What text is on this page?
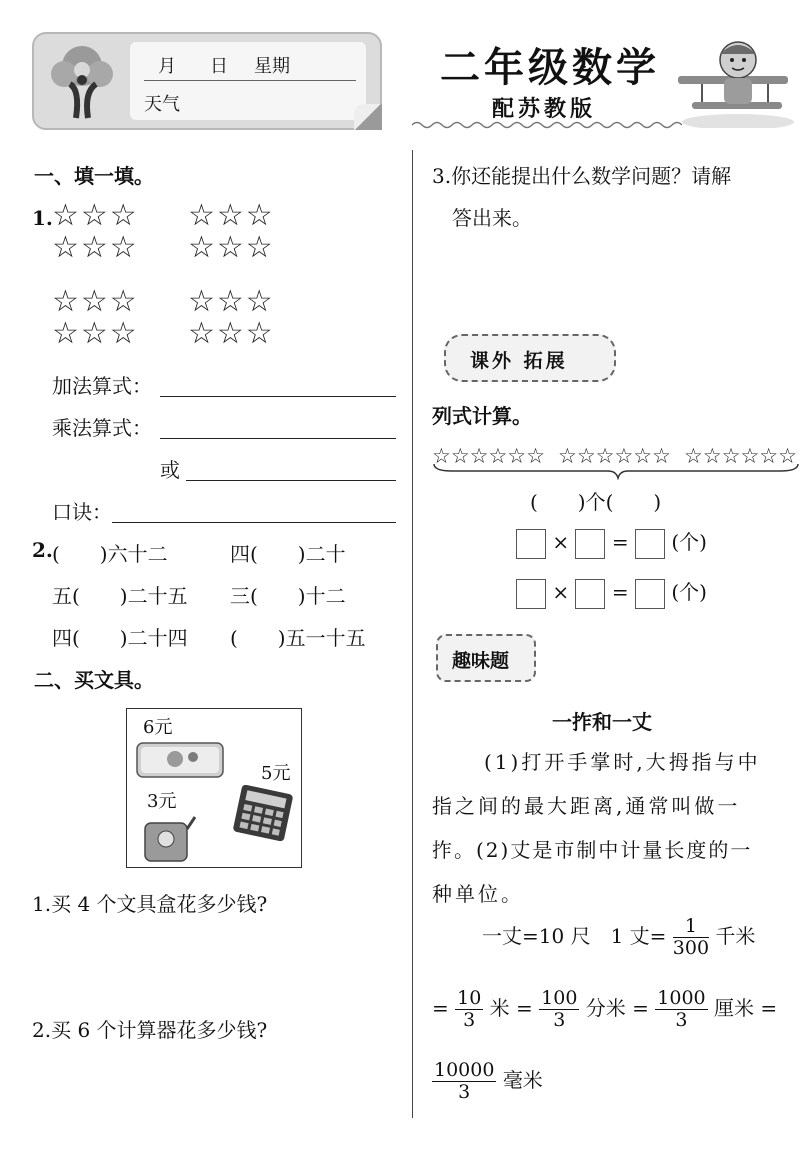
月 日 星期
天气
二年级数学
配苏教版
一、填一填。
1. ☆☆☆
☆☆☆
☆☆☆
☆☆☆
☆☆☆
☆☆☆
☆☆☆
☆☆☆
加法算式：
乘法算式：
或
口诀：
2. (　　)六十二	四(　　)二十
五(　　)二十五 三(　　)十二
四(　　)二十四 (　　)五一十五
二、买文具。
6元
3元
5元
1.买 4 个文具盒花多少钱?
2.买 6 个计算器花多少钱?
3.你还能提出什么数学问题？请解
答出来。
课外 拓展
列式计算。
☆☆☆☆☆☆ ☆☆☆☆☆☆ ☆☆☆☆☆☆
(　　)个(　　)
× = (个)
× = (个)
趣味题
一拃和一丈
(1)打开手掌时,大拇指与中
指之间的最大距离,通常叫做一
拃。(2)丈是市制中计量长度的一
种单位。
一丈=10 尺　1 丈= $\frac{1}{300}$ 千米
= $\frac{10}{3}$ 米 = $\frac{100}{3}$ 分米 = $\frac{1000}{3}$ 厘米 =
$\frac{10000}{3}$ 毫米
